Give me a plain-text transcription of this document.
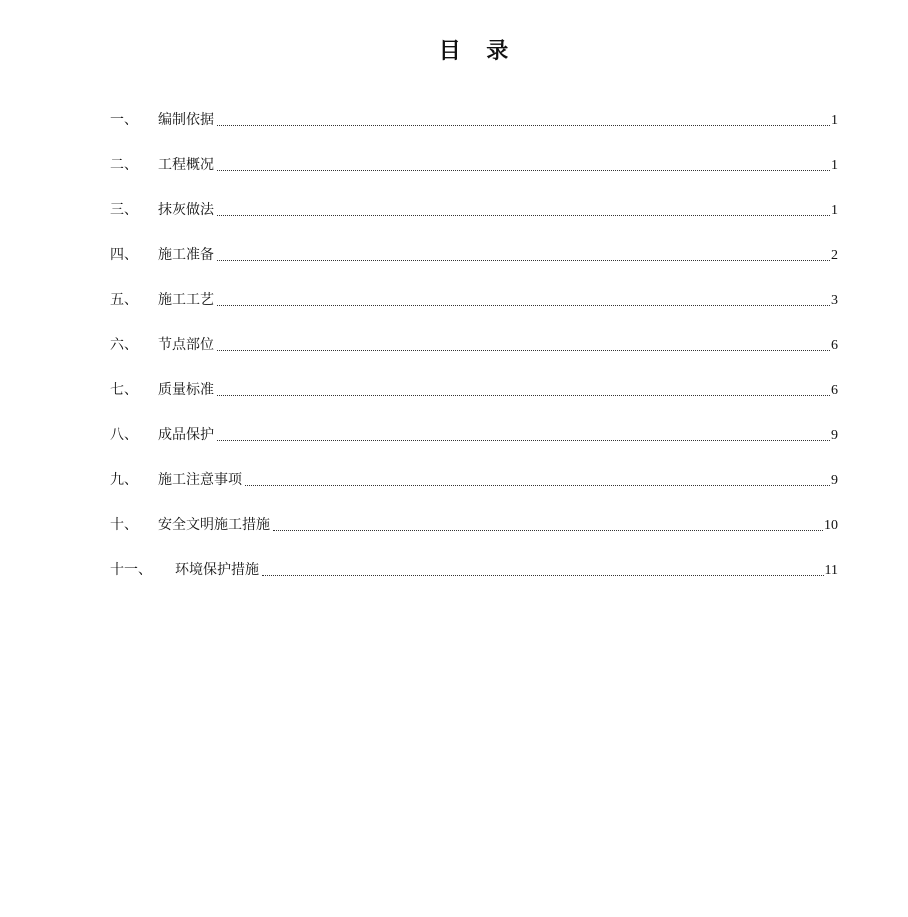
目 录
一、	编制依据	1
二、	工程概况	1
三、	抹灰做法	1
四、	施工准备	2
五、	施工工艺	3
六、	节点部位	6
七、	质量标准	6
八、	成品保护	9
九、	施工注意事项	9
十、	安全文明施工措施	10
十一、	环境保护措施	11
